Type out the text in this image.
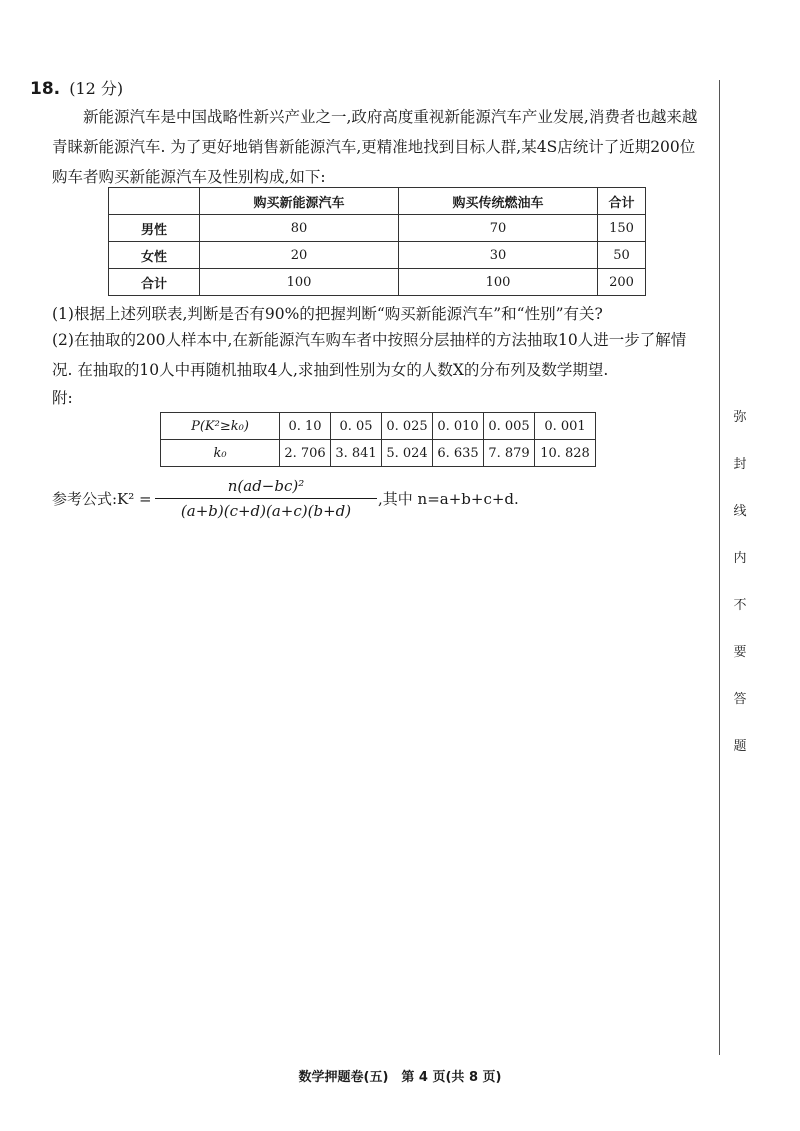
18. (12 分)
新能源汽车是中国战略性新兴产业之一,政府高度重视新能源汽车产业发展,消费者也越来越青睐新能源汽车. 为了更好地销售新能源汽车,更精准地找到目标人群,某4S店统计了近期200位购车者购买新能源汽车及性别构成,如下:
	购买新能源汽车	购买传统燃油车	合计
男性	80	70	150
女性	20	30	50
合计	100	100	200
(1)根据上述列联表,判断是否有90%的把握判断“购买新能源汽车”和“性别”有关?
(2)在抽取的200人样本中,在新能源汽车购车者中按照分层抽样的方法抽取10人进一步了解情况. 在抽取的10人中再随机抽取4人,求抽到性别为女的人数X的分布列及数学期望.
附:
P(K²≥k₀)	0. 10	0. 05	0. 025	0. 010	0. 005	0. 001
k₀	2. 706	3. 841	5. 024	6. 635	7. 879	10. 828
参考公式:K² =
n(ad−bc)²
(a+b)(c+d)(a+c)(b+d)
,其中 n=a+b+c+d.
弥
封
线
内
不
要
答
题
数学押题卷(五)　第 4 页(共 8 页)
